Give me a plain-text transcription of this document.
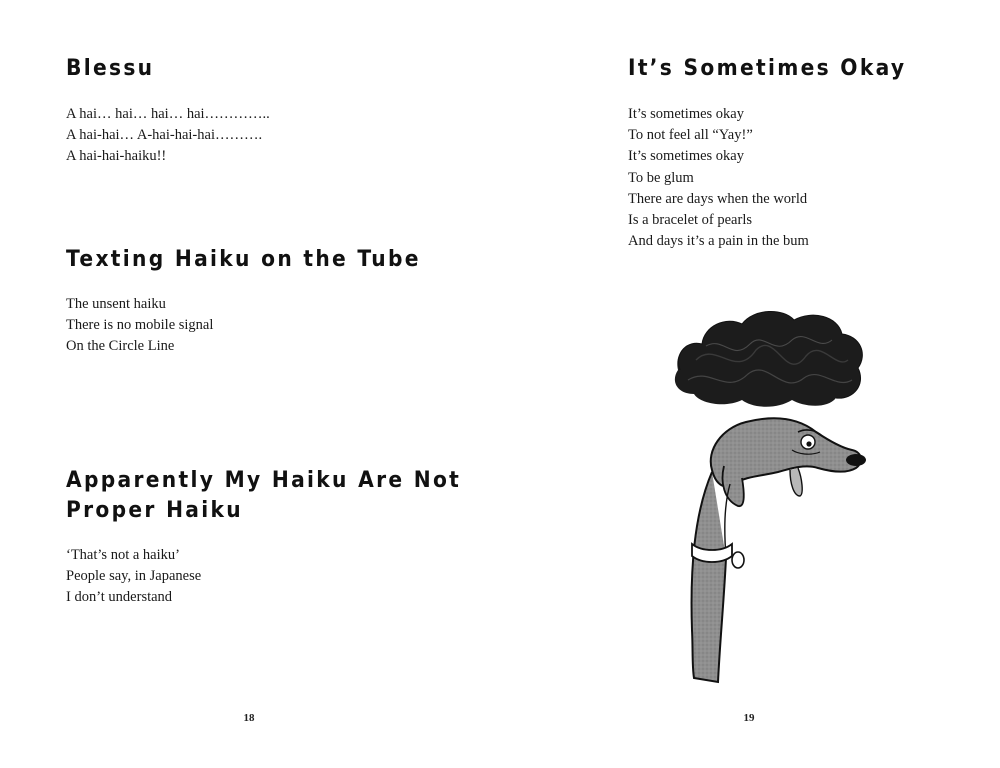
Blessu
A hai… hai… hai… hai…………..
A hai-hai… A-hai-hai-hai……….
A hai-hai-haiku!!
Texting Haiku on the Tube
The unsent haiku
There is no mobile signal
On the Circle Line
Apparently My Haiku Are Not
Proper Haiku
‘That’s not a haiku’
People say, in Japanese
I don’t understand
18
It’s Sometimes Okay
It’s sometimes okay
To not feel all “Yay!”
It’s sometimes okay
To be glum
There are days when the world
Is a bracelet of pearls
And days it’s a pain in the bum
19
